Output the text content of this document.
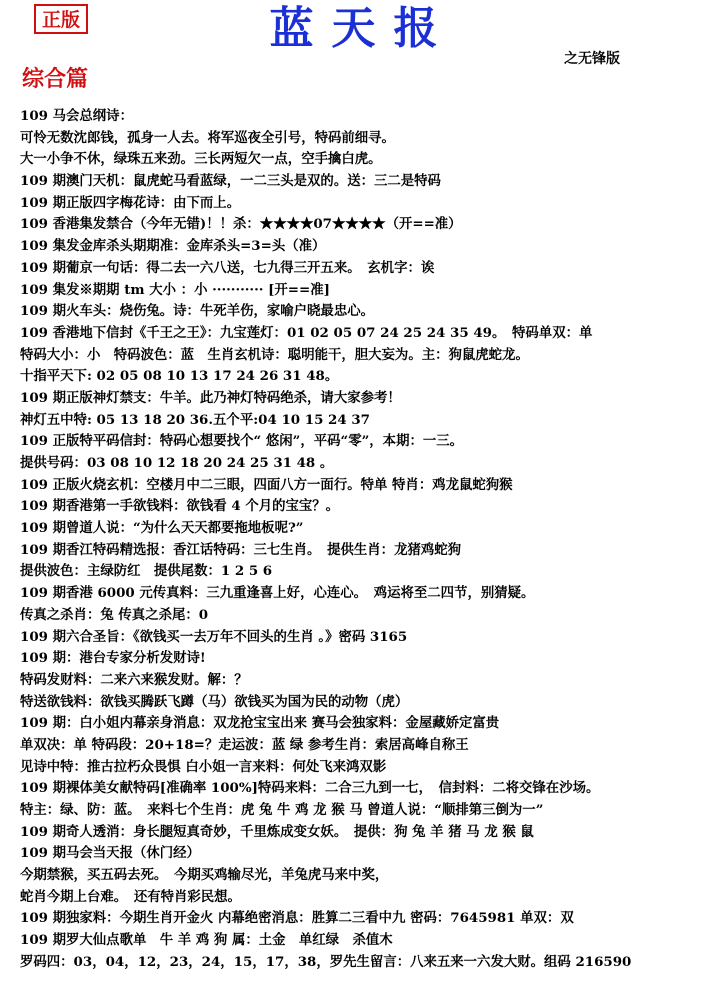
正版	蓝天报
之无锋版
综合篇
109 马会总纲诗：
可怜无数沈郎钱，孤身一人去。将军巡夜全引号，特码前细寻。
大一小争不休，绿珠五来劲。三长两短欠一点，空手擒白虎。
109 期澳门天机：鼠虎蛇马看蓝绿，一二三头是双的。送：三二是特码
109 期正版四字梅花诗：由下而上。
109 香港集发禁合（今年无错)！！杀：★★★★07★★★★（开==准）
109 集发金库杀头期期准：金库杀头=3=头（准）
109 期葡京一句话：得二去一六八送，七九得三开五来。　玄机字：诶
109 集发※期期 tm 大小 ：小 ··········· [开==准]
109 期火车头：烧伤兔。诗：牛死羊伤，家喻户晓最忠心。
109 香港地下信封《千王之王》：九宝莲灯：01 02 05 07 24 25 24 35 49。　特码单双：单
特码大小：小　特码波色：蓝　生肖玄机诗：聪明能干，胆大妄为。主：狗鼠虎蛇龙。
十指平天下: 02 05 08 10 13 17 24 26 31 48。
109 期正版神灯禁支：牛羊。此乃神灯特码绝杀，请大家参考！
神灯五中特: 05 13 18 20 36.五个平:04 10 15 24 37
109 正版特平码信封：特码心想要找个“ 悠闲”，平码“零”，本期：一三。
提供号码：03 08 10 12 18 20 24 25 31 48 。
109 正版火烧玄机：空楼月中二三眼，四面八方一面行。特单 特肖：鸡龙鼠蛇狗猴
109 期香港第一手欲钱料：欲钱看 4 个月的宝宝？。
109 期曾道人说：“为什么天天都要拖地板呢?”
109 期香江特码精选报：香江话特码：三七生肖。　提供生肖：龙猪鸡蛇狗
提供波色：主绿防红　提供尾数：1 2 5 6
109 期香港 6000 元传真料：三九重逢喜上好，心连心。　鸡运将至二四节，别猜疑。
传真之杀肖：兔 传真之杀尾：0
109 期六合圣旨：《欲钱买一去万年不回头的生肖 。》密码 3165
109 期：港台专家分析发财诗!
特码发财料：二来六来猴发财。解：？
特送欲钱料：欲钱买腾跃飞蹲（马）欲钱买为国为民的动物（虎）
109 期：白小姐内幕亲身消息：双龙抢宝宝出来 赛马会独家料：金屋藏娇定富贵
单双决：单 特码段：20+18=？走运波：蓝 绿 参考生肖：索居高峰自称王
见诗中特：推古拉朽众畏惧 白小姐一言来料：何处飞来鸿双影
109 期裸体美女献特码[准确率 100%]特码来料：二合三九到一七，　信封料：二将交锋在沙场。
特主：绿、防：蓝。　来料七个生肖：虎 兔 牛 鸡 龙 猴 马 曾道人说：“顺排第三倒为一”
109 期奇人透消：身长腿短真奇妙，千里炼成变女妖。　提供：狗 兔 羊 猪 马 龙 猴 鼠
109 期马会当天报（休门经）
今期禁猴，买五码去死。　今期买鸡输尽光，羊兔虎马来中奖，
蛇肖今期上台难。　还有特肖彩民想。
109 期独家料：今期生肖开金火 内幕绝密消息：胜算二三看中九 密码：7645981 单双：双
109 期罗大仙点歌单　牛 羊 鸡 狗 属：土金　单红绿　杀值木
罗码四：03，04，12，23，24，15，17，38，罗先生留言：八来五来一六发大财。组码 216590
